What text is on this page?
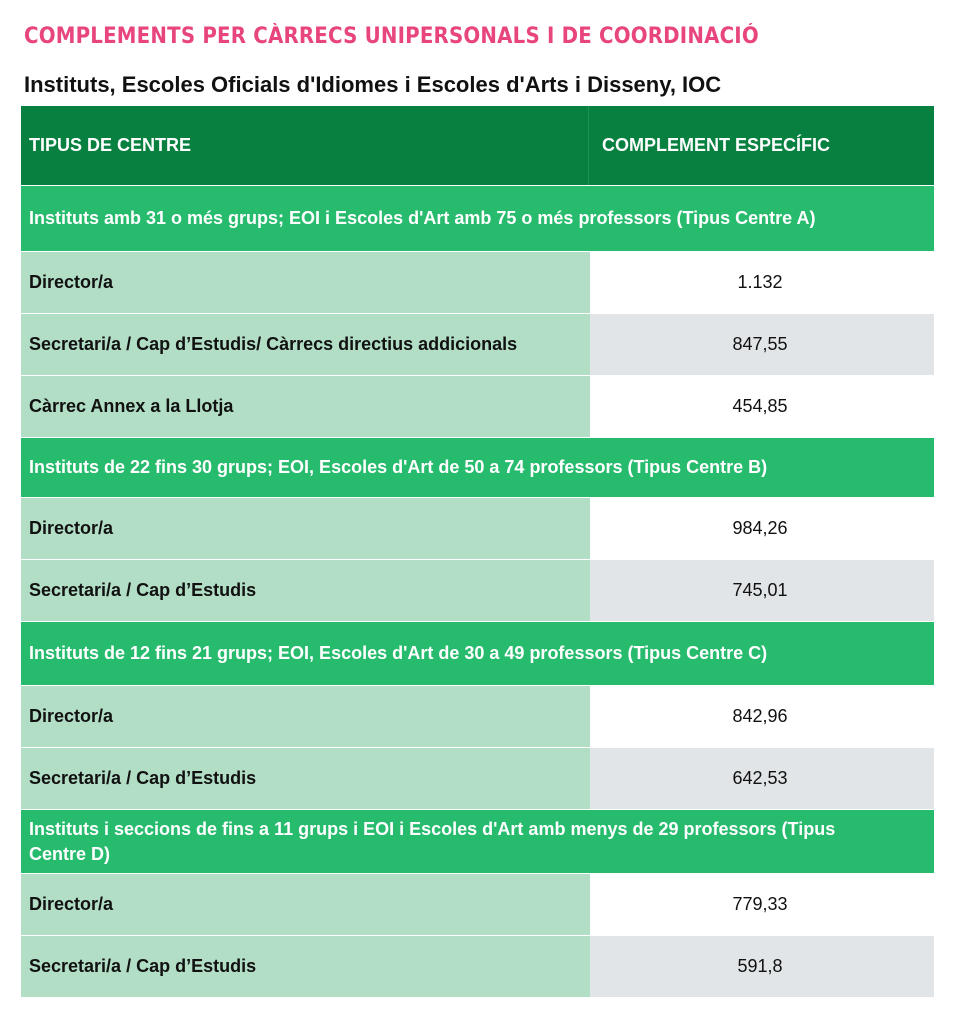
COMPLEMENTS PER CÀRRECS UNIPERSONALS I DE COORDINACIÓ
Instituts, Escoles Oficials d'Idiomes i Escoles d'Arts i Disseny, IOC
TIPUS DE CENTRE	COMPLEMENT ESPECÍFIC
Instituts amb 31 o més grups; EOI i Escoles d'Art amb 75 o més professors (Tipus Centre A)
Director/a	1.132
Secretari/a / Cap d’Estudis/ Càrrecs directius addicionals	847,55
Càrrec Annex a la Llotja	454,85
Instituts de 22 fins 30 grups; EOI, Escoles d'Art de 50 a 74 professors (Tipus Centre B)
Director/a	984,26
Secretari/a / Cap d’Estudis	745,01
Instituts de 12 fins 21 grups; EOI, Escoles d'Art de 30 a 49 professors (Tipus Centre C)
Director/a	842,96
Secretari/a / Cap d’Estudis	642,53
Instituts i seccions de fins a 11 grups i EOI i Escoles d'Art amb menys de 29 professors (Tipus Centre D)
Director/a	779,33
Secretari/a / Cap d’Estudis	591,8
